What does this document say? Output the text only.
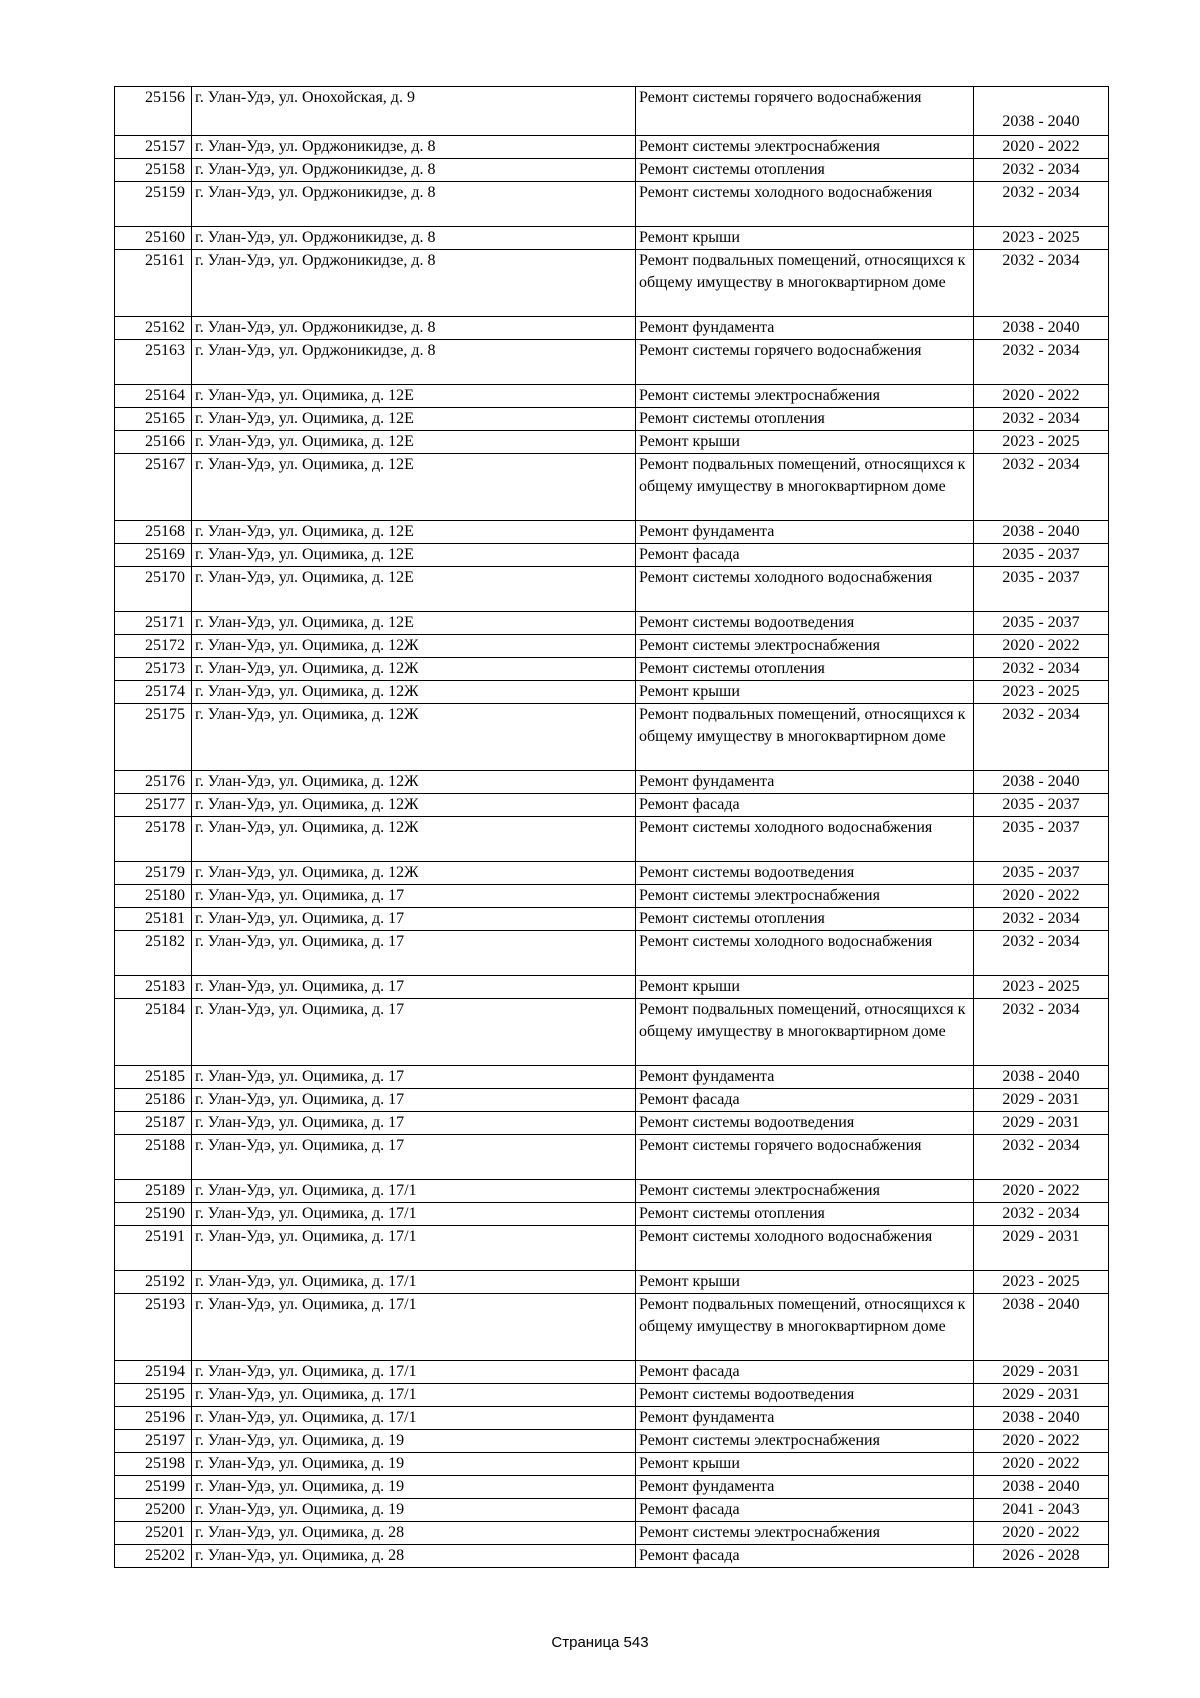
25156	г. Улан-Удэ, ул. Онохойская, д. 9	Ремонт системы горячего водоснабжения	2038 - 2040
25157	г. Улан-Удэ, ул. Орджоникидзе, д. 8	Ремонт системы электроснабжения	2020 - 2022
25158	г. Улан-Удэ, ул. Орджоникидзе, д. 8	Ремонт системы отопления	2032 - 2034
25159	г. Улан-Удэ, ул. Орджоникидзе, д. 8	Ремонт системы холодного водоснабжения	2032 - 2034
25160	г. Улан-Удэ, ул. Орджоникидзе, д. 8	Ремонт крыши	2023 - 2025
25161	г. Улан-Удэ, ул. Орджоникидзе, д. 8	Ремонт подвальных помещений, относящихся к общему имуществу в многоквартирном доме	2032 - 2034
25162	г. Улан-Удэ, ул. Орджоникидзе, д. 8	Ремонт фундамента	2038 - 2040
25163	г. Улан-Удэ, ул. Орджоникидзе, д. 8	Ремонт системы горячего водоснабжения	2032 - 2034
25164	г. Улан-Удэ, ул. Оцимика, д. 12Е	Ремонт системы электроснабжения	2020 - 2022
25165	г. Улан-Удэ, ул. Оцимика, д. 12Е	Ремонт системы отопления	2032 - 2034
25166	г. Улан-Удэ, ул. Оцимика, д. 12Е	Ремонт крыши	2023 - 2025
25167	г. Улан-Удэ, ул. Оцимика, д. 12Е	Ремонт подвальных помещений, относящихся к общему имуществу в многоквартирном доме	2032 - 2034
25168	г. Улан-Удэ, ул. Оцимика, д. 12Е	Ремонт фундамента	2038 - 2040
25169	г. Улан-Удэ, ул. Оцимика, д. 12Е	Ремонт фасада	2035 - 2037
25170	г. Улан-Удэ, ул. Оцимика, д. 12Е	Ремонт системы холодного водоснабжения	2035 - 2037
25171	г. Улан-Удэ, ул. Оцимика, д. 12Е	Ремонт системы водоотведения	2035 - 2037
25172	г. Улан-Удэ, ул. Оцимика, д. 12Ж	Ремонт системы электроснабжения	2020 - 2022
25173	г. Улан-Удэ, ул. Оцимика, д. 12Ж	Ремонт системы отопления	2032 - 2034
25174	г. Улан-Удэ, ул. Оцимика, д. 12Ж	Ремонт крыши	2023 - 2025
25175	г. Улан-Удэ, ул. Оцимика, д. 12Ж	Ремонт подвальных помещений, относящихся к общему имуществу в многоквартирном доме	2032 - 2034
25176	г. Улан-Удэ, ул. Оцимика, д. 12Ж	Ремонт фундамента	2038 - 2040
25177	г. Улан-Удэ, ул. Оцимика, д. 12Ж	Ремонт фасада	2035 - 2037
25178	г. Улан-Удэ, ул. Оцимика, д. 12Ж	Ремонт системы холодного водоснабжения	2035 - 2037
25179	г. Улан-Удэ, ул. Оцимика, д. 12Ж	Ремонт системы водоотведения	2035 - 2037
25180	г. Улан-Удэ, ул. Оцимика, д. 17	Ремонт системы электроснабжения	2020 - 2022
25181	г. Улан-Удэ, ул. Оцимика, д. 17	Ремонт системы отопления	2032 - 2034
25182	г. Улан-Удэ, ул. Оцимика, д. 17	Ремонт системы холодного водоснабжения	2032 - 2034
25183	г. Улан-Удэ, ул. Оцимика, д. 17	Ремонт крыши	2023 - 2025
25184	г. Улан-Удэ, ул. Оцимика, д. 17	Ремонт подвальных помещений, относящихся к общему имуществу в многоквартирном доме	2032 - 2034
25185	г. Улан-Удэ, ул. Оцимика, д. 17	Ремонт фундамента	2038 - 2040
25186	г. Улан-Удэ, ул. Оцимика, д. 17	Ремонт фасада	2029 - 2031
25187	г. Улан-Удэ, ул. Оцимика, д. 17	Ремонт системы водоотведения	2029 - 2031
25188	г. Улан-Удэ, ул. Оцимика, д. 17	Ремонт системы горячего водоснабжения	2032 - 2034
25189	г. Улан-Удэ, ул. Оцимика, д. 17/1	Ремонт системы электроснабжения	2020 - 2022
25190	г. Улан-Удэ, ул. Оцимика, д. 17/1	Ремонт системы отопления	2032 - 2034
25191	г. Улан-Удэ, ул. Оцимика, д. 17/1	Ремонт системы холодного водоснабжения	2029 - 2031
25192	г. Улан-Удэ, ул. Оцимика, д. 17/1	Ремонт крыши	2023 - 2025
25193	г. Улан-Удэ, ул. Оцимика, д. 17/1	Ремонт подвальных помещений, относящихся к общему имуществу в многоквартирном доме	2038 - 2040
25194	г. Улан-Удэ, ул. Оцимика, д. 17/1	Ремонт фасада	2029 - 2031
25195	г. Улан-Удэ, ул. Оцимика, д. 17/1	Ремонт системы водоотведения	2029 - 2031
25196	г. Улан-Удэ, ул. Оцимика, д. 17/1	Ремонт фундамента	2038 - 2040
25197	г. Улан-Удэ, ул. Оцимика, д. 19	Ремонт системы электроснабжения	2020 - 2022
25198	г. Улан-Удэ, ул. Оцимика, д. 19	Ремонт крыши	2020 - 2022
25199	г. Улан-Удэ, ул. Оцимика, д. 19	Ремонт фундамента	2038 - 2040
25200	г. Улан-Удэ, ул. Оцимика, д. 19	Ремонт фасада	2041 - 2043
25201	г. Улан-Удэ, ул. Оцимика, д. 28	Ремонт системы электроснабжения	2020 - 2022
25202	г. Улан-Удэ, ул. Оцимика, д. 28	Ремонт фасада	2026 - 2028
Страница 543
